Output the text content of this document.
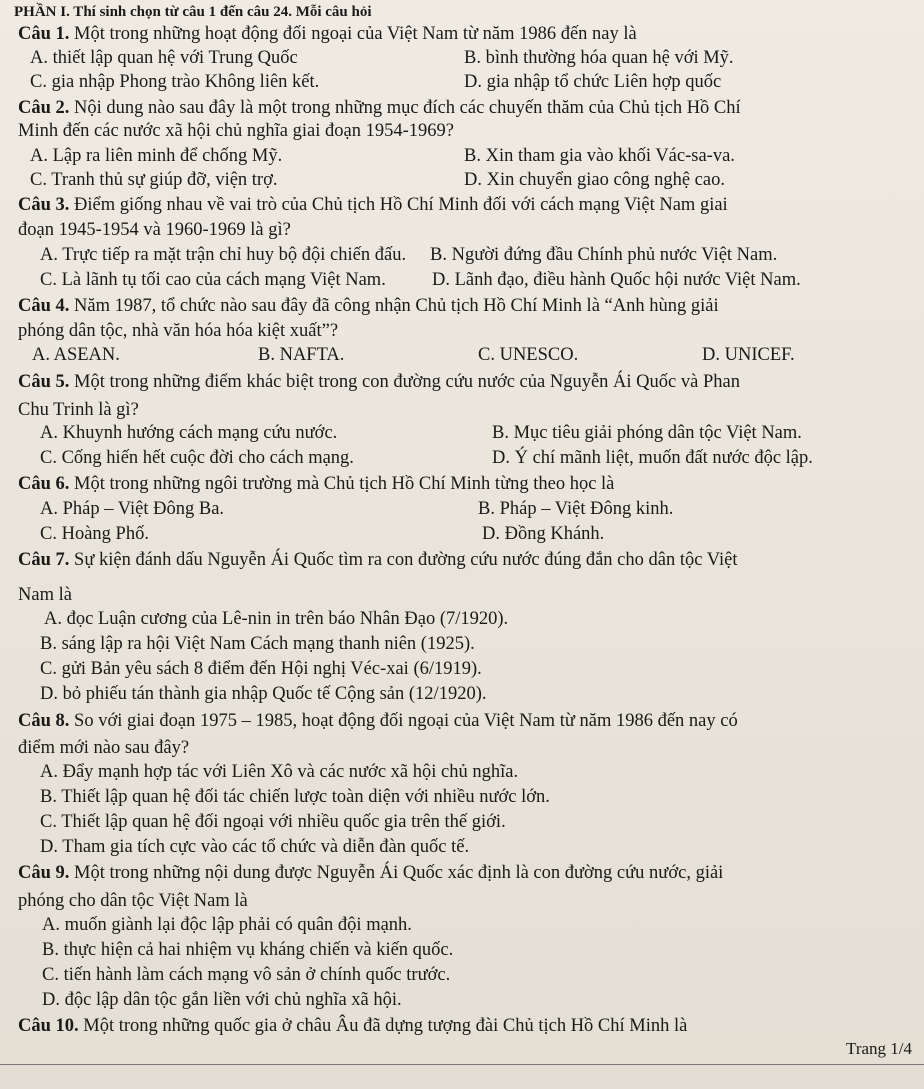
PHẦN I. Thí sinh chọn từ câu 1 đến câu 24. Mỗi câu hỏi
Câu 1. Một trong những hoạt động đối ngoại của Việt Nam từ năm 1986 đến nay là
A. thiết lập quan hệ với Trung Quốc	B. bình thường hóa quan hệ với Mỹ.
C. gia nhập Phong trào Không liên kết.	D. gia nhập tổ chức Liên hợp quốc
Câu 2. Nội dung nào sau đây là một trong những mục đích các chuyến thăm của Chủ tịch Hồ Chí
Minh đến các nước xã hội chủ nghĩa giai đoạn 1954-1969?
A. Lập ra liên minh để chống Mỹ.	B. Xin tham gia vào khối Vác-sa-va.
C. Tranh thủ sự giúp đỡ, viện trợ.	D. Xin chuyển giao công nghệ cao.
Câu 3. Điểm giống nhau về vai trò của Chủ tịch Hồ Chí Minh đối với cách mạng Việt Nam giai
đoạn 1945-1954 và 1960-1969 là gì?
A. Trực tiếp ra mặt trận chỉ huy bộ đội chiến đấu. B. Người đứng đầu Chính phủ nước Việt Nam.
C. Là lãnh tụ tối cao của cách mạng Việt Nam. D. Lãnh đạo, điều hành Quốc hội nước Việt Nam.
Câu 4. Năm 1987, tổ chức nào sau đây đã công nhận Chủ tịch Hồ Chí Minh là “Anh hùng giải
phóng dân tộc, nhà văn hóa hóa kiệt xuất”?
A. ASEAN.	B. NAFTA.	C. UNESCO.	D. UNICEF.
Câu 5. Một trong những điểm khác biệt trong con đường cứu nước của Nguyễn Ái Quốc và Phan
Chu Trinh là gì?
A. Khuynh hướng cách mạng cứu nước.	B. Mục tiêu giải phóng dân tộc Việt Nam.
C. Cống hiến hết cuộc đời cho cách mạng.	D. Ý chí mãnh liệt, muốn đất nước độc lập.
Câu 6. Một trong những ngôi trường mà Chủ tịch Hồ Chí Minh từng theo học là
A. Pháp – Việt Đông Ba.	B. Pháp – Việt Đông kinh.
C. Hoàng Phố.	D. Đồng Khánh.
Câu 7. Sự kiện đánh dấu Nguyễn Ái Quốc tìm ra con đường cứu nước đúng đắn cho dân tộc Việt
Nam là
A. đọc Luận cương của Lê-nin in trên báo Nhân Đạo (7/1920).
B. sáng lập ra hội Việt Nam Cách mạng thanh niên (1925).
C. gửi Bản yêu sách 8 điểm đến Hội nghị Véc-xai (6/1919).
D. bỏ phiếu tán thành gia nhập Quốc tế Cộng sản (12/1920).
Câu 8. So với giai đoạn 1975 – 1985, hoạt động đối ngoại của Việt Nam từ năm 1986 đến nay có
điểm mới nào sau đây?
A. Đẩy mạnh hợp tác với Liên Xô và các nước xã hội chủ nghĩa.
B. Thiết lập quan hệ đối tác chiến lược toàn diện với nhiều nước lớn.
C. Thiết lập quan hệ đối ngoại với nhiều quốc gia trên thế giới.
D. Tham gia tích cực vào các tổ chức và diễn đàn quốc tế.
Câu 9. Một trong những nội dung được Nguyễn Ái Quốc xác định là con đường cứu nước, giải
phóng cho dân tộc Việt Nam là
A. muốn giành lại độc lập phải có quân đội mạnh.
B. thực hiện cả hai nhiệm vụ kháng chiến và kiến quốc.
C. tiến hành làm cách mạng vô sản ở chính quốc trước.
D. độc lập dân tộc gắn liền với chủ nghĩa xã hội.
Câu 10. Một trong những quốc gia ở châu Âu đã dựng tượng đài Chủ tịch Hồ Chí Minh là
Trang 1/4
